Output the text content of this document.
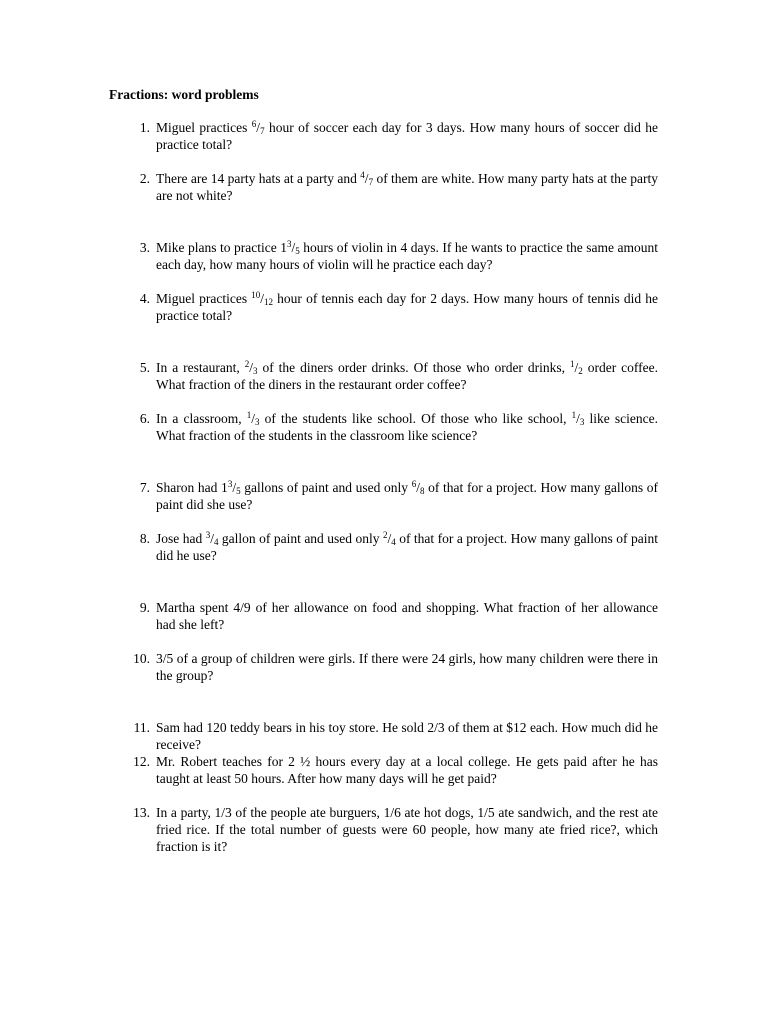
Fractions: word problems
1. Miguel practices $^6/_7$ hour of soccer each day for 3 days. How many hours of soccer did he practice total?
2. There are 14 party hats at a party and $^4/_7$ of them are white. How many party hats at the party are not white?
3. Mike plans to practice $1^3/_5$ hours of violin in 4 days. If he wants to practice the same amount each day, how many hours of violin will he practice each day?
4. Miguel practices $^{10}/_{12}$ hour of tennis each day for 2 days. How many hours of tennis did he practice total?
5. In a restaurant, $^2/_3$ of the diners order drinks. Of those who order drinks, $^1/_2$ order coffee. What fraction of the diners in the restaurant order coffee?
6. In a classroom, $^1/_3$ of the students like school. Of those who like school, $^1/_3$ like science. What fraction of the students in the classroom like science?
7. Sharon had $1^3/_5$ gallons of paint and used only $^6/_8$ of that for a project. How many gallons of paint did she use?
8. Jose had $^3/_4$ gallon of paint and used only $^2/_4$ of that for a project. How many gallons of paint did he use?
9. Martha spent 4/9 of her allowance on food and shopping. What fraction of her allowance had she left?
10. 3/5 of a group of children were girls. If there were 24 girls, how many children were there in the group?
11. Sam had 120 teddy bears in his toy store. He sold 2/3 of them at $12 each. How much did he receive?
12. Mr. Robert teaches for 2 ½ hours every day at a local college. He gets paid after he has taught at least 50 hours. After how many days will he get paid?
13. In a party, 1/3 of the people ate burguers, 1/6 ate hot dogs, 1/5 ate sandwich, and the rest ate fried rice. If the total number of guests were 60 people, how many ate fried rice?, which fraction is it?
